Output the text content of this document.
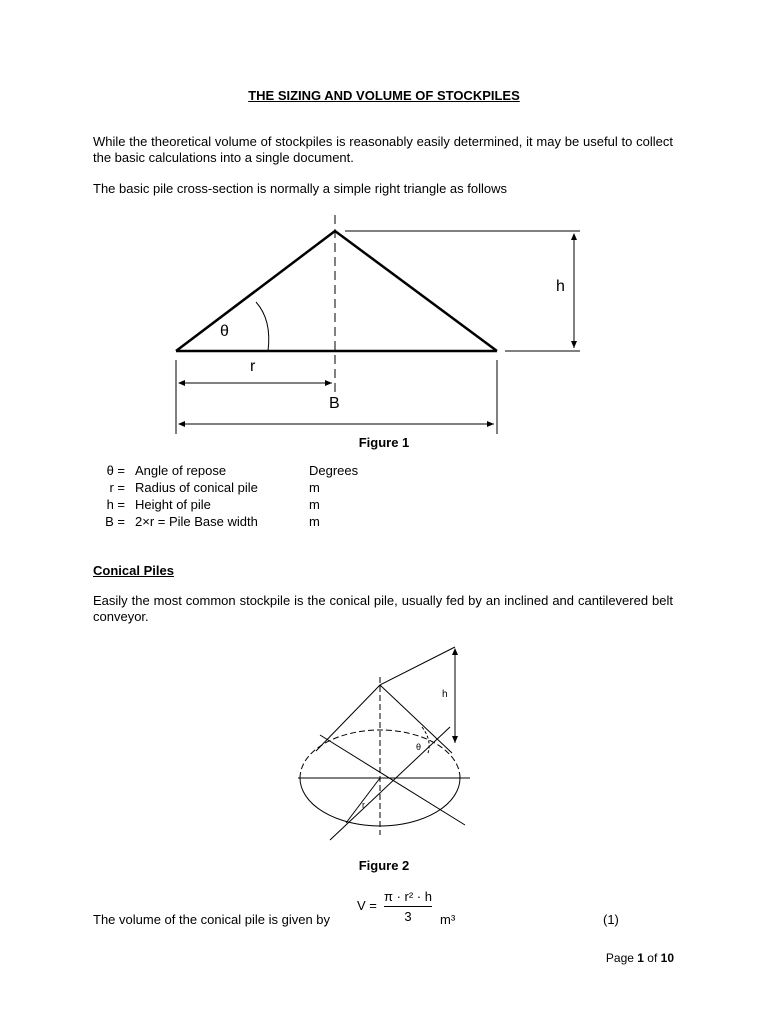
THE SIZING AND VOLUME OF STOCKPILES
While the theoretical volume of stockpiles is reasonably easily determined, it may be useful to collect the basic calculations into a single document.
The basic pile cross-section is normally a simple right triangle as follows
h
θ
r
B
Figure 1
θ = Angle of repose	Degrees
r = Radius of conical pile	m
h = Height of pile	m
B = 2×r = Pile Base width	m
Conical Piles
Easily the most common stockpile is the conical pile, usually fed by an inclined and cantilevered belt conveyor.
h
θ
r
Figure 2
The volume of the conical pile is given by
V =
π · r² · h
3	m³	(1)
Page 1 of 10
